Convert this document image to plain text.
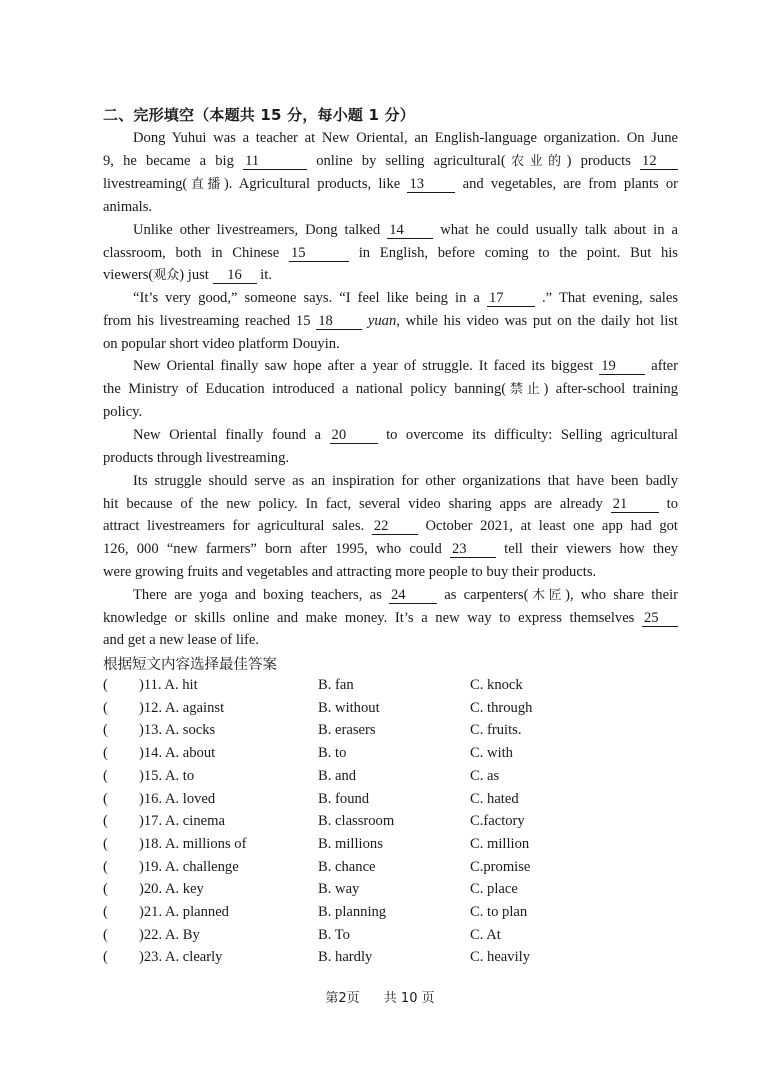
二、完形填空（本题共 15 分，每小题 1 分）
Dong Yuhui was a teacher at New Oriental, an English-language organization. On June
9, he became a big 11	online by selling agricultural(农业的) products 12
livestreaming(直播). Agricultural products, like 13	and vegetables, are from plants or
animals.
Unlike other livestreamers, Dong talked 14 what he could usually talk about in a
classroom, both in Chinese 15	in English, before coming to the point. But his
viewers(观众) just 16 it.
“It’s very good,” someone says. “I feel like being in a 17	.” That evening, sales
from his livestreaming reached 15 18 yuan, while his video was put on the daily hot list
on popular short video platform Douyin.
New Oriental finally saw hope after a year of struggle. It faced its biggest 19 after
the Ministry of Education introduced a national policy banning(禁止) after-school training
policy.
New Oriental finally found a 20	to overcome its difficulty: Selling agricultural
products through livestreaming.
Its struggle should serve as an inspiration for other organizations that have been badly
hit because of the new policy. In fact, several video sharing apps are already 21	to
attract livestreamers for agricultural sales. 22	October 2021, at least one app had got
126, 000 “new farmers” born after 1995, who could 23	tell their viewers how they
were growing fruits and vegetables and attracting more people to buy their products.
There are yoga and boxing teachers, as 24	as carpenters(木匠), who share their
knowledge or skills online and make money. It’s a new way to express themselves 25
and get a new lease of life.
根据短文内容选择最佳答案
( )11. A. hit	B. fan	C. knock
( )12. A. against	B. without	C. through
( )13. A. socks	B. erasers	C. fruits.
( )14. A. about	B. to	C. with
( )15. A. to	B. and	C. as
( )16. A. loved	B. found	C. hated
( )17. A. cinema	B. classroom	C.factory
( )18. A. millions of	B. millions	C. million
( )19. A. challenge	B. chance	C.promise
( )20. A. key	B. way	C. place
( )21. A. planned	B. planning	C. to plan
( )22. A. By	B. To	C. At
( )23. A. clearly	B. hardly	C. heavily
第2页 共 10 页
